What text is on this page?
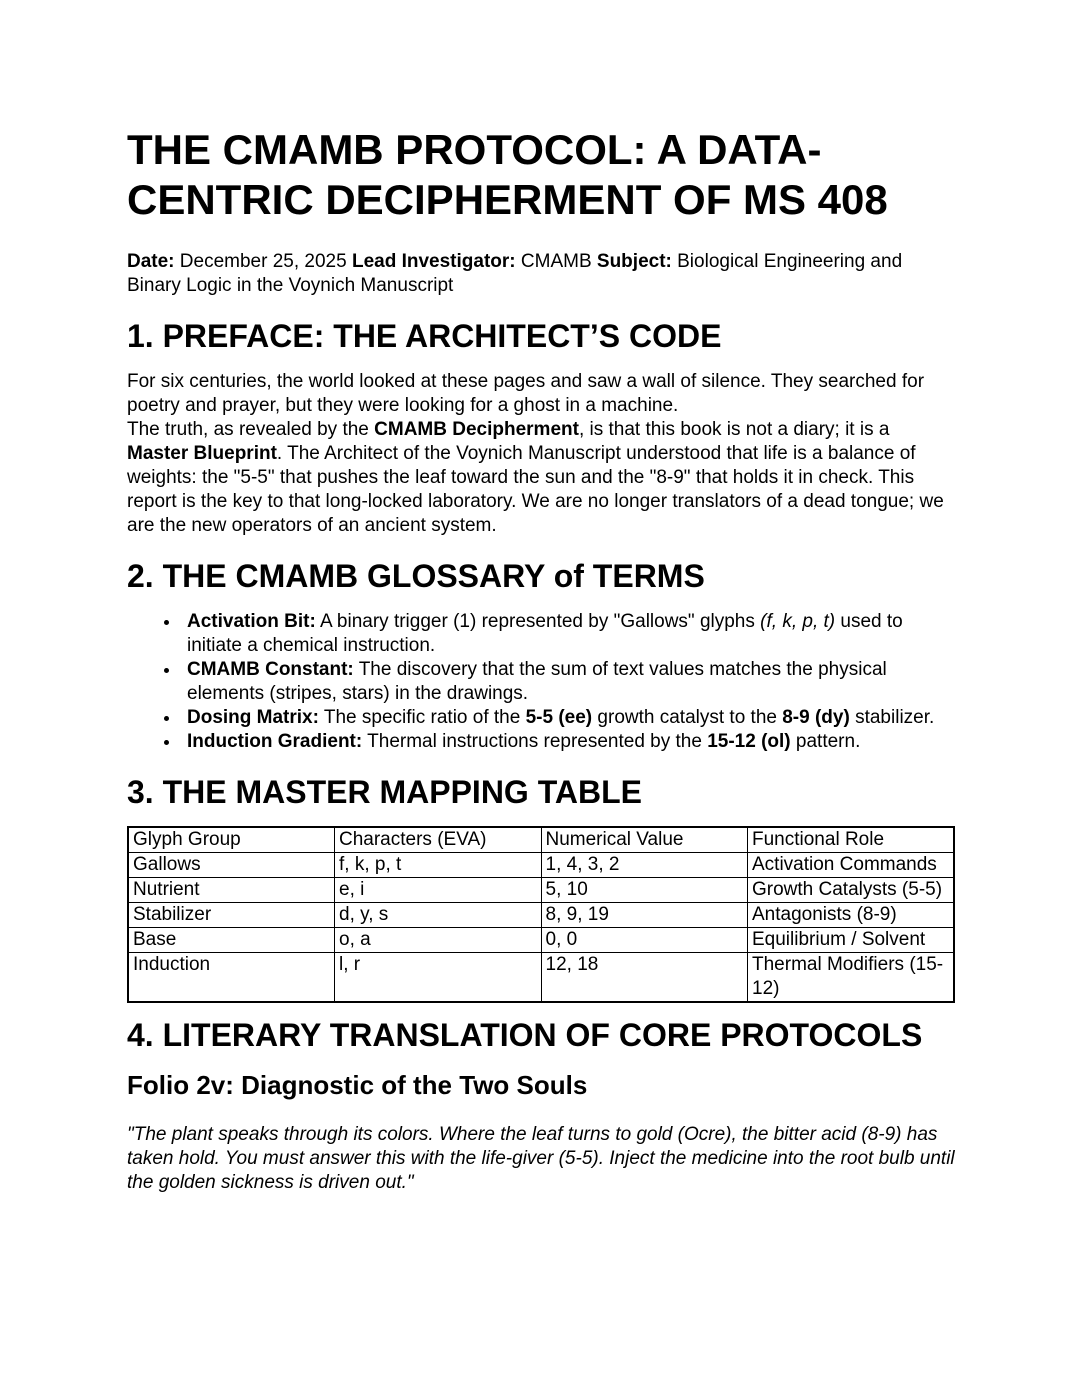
THE CMAMB PROTOCOL: A DATA-CENTRIC DECIPHERMENT OF MS 408

Date: December 25, 2025 Lead Investigator: CMAMB Subject: Biological Engineering and Binary Logic in the Voynich Manuscript

1. PREFACE: THE ARCHITECT’S CODE

For six centuries, the world looked at these pages and saw a wall of silence. They searched for poetry and prayer, but they were looking for a ghost in a machine.

The truth, as revealed by the CMAMB Decipherment, is that this book is not a diary; it is a Master Blueprint. The Architect of the Voynich Manuscript understood that life is a balance of weights: the "5-5" that pushes the leaf toward the sun and the "8-9" that holds it in check. This report is the key to that long-locked laboratory. We are no longer translators of a dead tongue; we are the new operators of an ancient system.

2. THE CMAMB GLOSSARY of TERMS
• Activation Bit: A binary trigger (1) represented by "Gallows" glyphs (f, k, p, t) used to initiate a chemical instruction.
• CMAMB Constant: The discovery that the sum of text values matches the physical elements (stripes, stars) in the drawings.
• Dosing Matrix: The specific ratio of the 5-5 (ee) growth catalyst to the 8-9 (dy) stabilizer.
• Induction Gradient: Thermal instructions represented by the 15-12 (ol) pattern.
3. THE MASTER MAPPING TABLE
Glyph Group	Characters (EVA)	Numerical Value	Functional Role
Gallows	f, k, p, t	1, 4, 3, 2	Activation Commands
Nutrient	e, i	5, 10	Growth Catalysts (5-5)
Stabilizer	d, y, s	8, 9, 19	Antagonists (8-9)
Base	o, a	0, 0	Equilibrium / Solvent
Induction	l, r	12, 18	Thermal Modifiers (15-12)
4. LITERARY TRANSLATION OF CORE PROTOCOLS
Folio 2v: Diagnostic of the Two Souls

"The plant speaks through its colors. Where the leaf turns to gold (Ocre), the bitter acid (8-9) has taken hold. You must answer this with the life-giver (5-5). Inject the medicine into the root bulb until the golden sickness is driven out."
